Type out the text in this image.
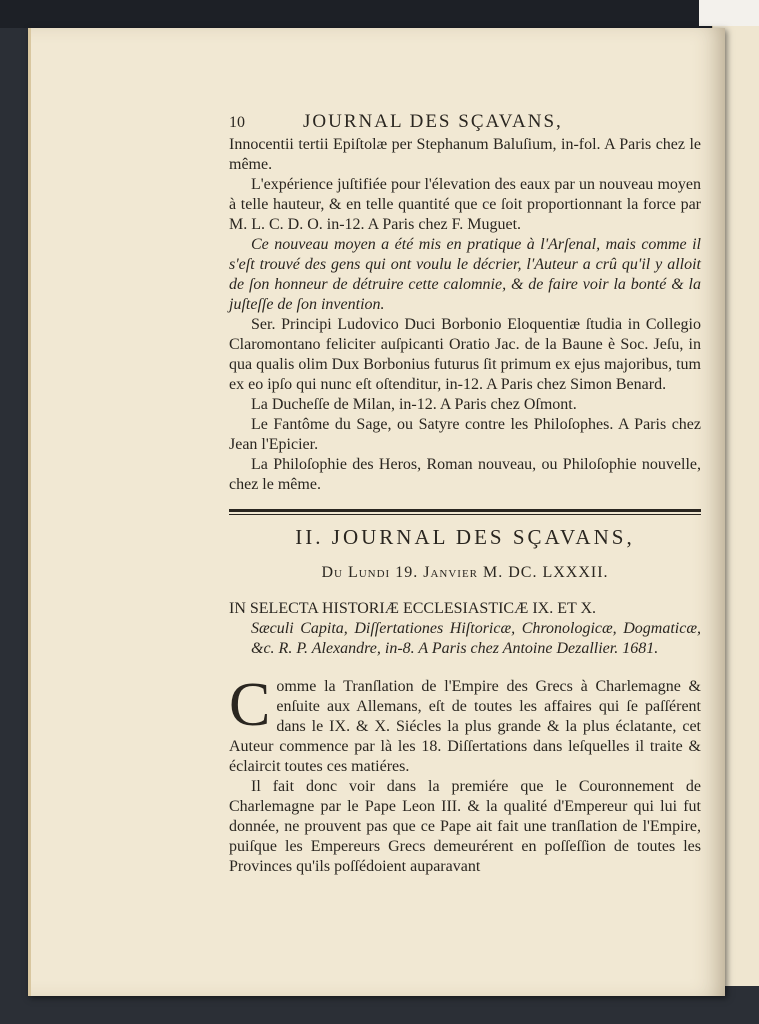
10	JOURNAL DES SÇAVANS,

Innocentii tertii Epiſtolæ per Stephanum Baluſium, in-fol. A Paris chez le même.

L'expérience juſtifiée pour l'élevation des eaux par un nouveau moyen à telle hauteur, & en telle quantité que ce ſoit proportionnant la force par M. L. C. D. O. in-12. A Paris chez F. Muguet.

Ce nouveau moyen a été mis en pratique à l'Arſenal, mais comme il s'eſt trouvé des gens qui ont voulu le décrier, l'Auteur a crû qu'il y alloit de ſon honneur de détruire cette calomnie, & de faire voir la bonté & la juſteſſe de ſon invention.

Ser. Principi Ludovico Duci Borbonio Eloquentiæ ſtudia in Collegio Claromontano feliciter auſpicanti Oratio Jac. de la Baune è Soc. Jeſu, in qua qualis olim Dux Borbonius futurus ſit primum ex ejus majoribus, tum ex eo ipſo qui nunc eſt oſtenditur, in-12. A Paris chez Simon Benard.

La Ducheſſe de Milan, in-12. A Paris chez Oſmont.

Le Fantôme du Sage, ou Satyre contre les Philoſophes. A Paris chez Jean l'Epicier.

La Philoſophie des Heros, Roman nouveau, ou Philoſophie nouvelle, chez le même.

II. JOURNAL DES SÇAVANS,
Du Lundi 19. Janvier M. DC. LXXXII.
IN SELECTA HISTORIÆ ECCLESIASTICÆ IX. ET X.

Sæculi Capita, Diſſertationes Hiſtoricæ, Chronologicæ, Dogmaticæ, &c. R. P. Alexandre, in-8. A Paris chez Antoine Dezallier. 1681.

C omme la Tranſlation de l'Empire des Grecs à Charlemagne & enſuite aux Allemans, eſt de toutes les affaires qui ſe paſſérent dans le IX. & X. Siécles la plus grande & la plus éclatante, cet Auteur commence par là les 18. Diſſertations dans leſquelles il traite & éclaircit toutes ces matiéres.

Il fait donc voir dans la premiére que le Couronnement de Charlemagne par le Pape Leon III. & la qualité d'Empereur qui lui fut donnée, ne prouvent pas que ce Pape ait fait une tranſlation de l'Empire, puiſque les Empereurs Grecs demeurérent en poſſeſſion de toutes les Provinces qu'ils poſſédoient auparavant
